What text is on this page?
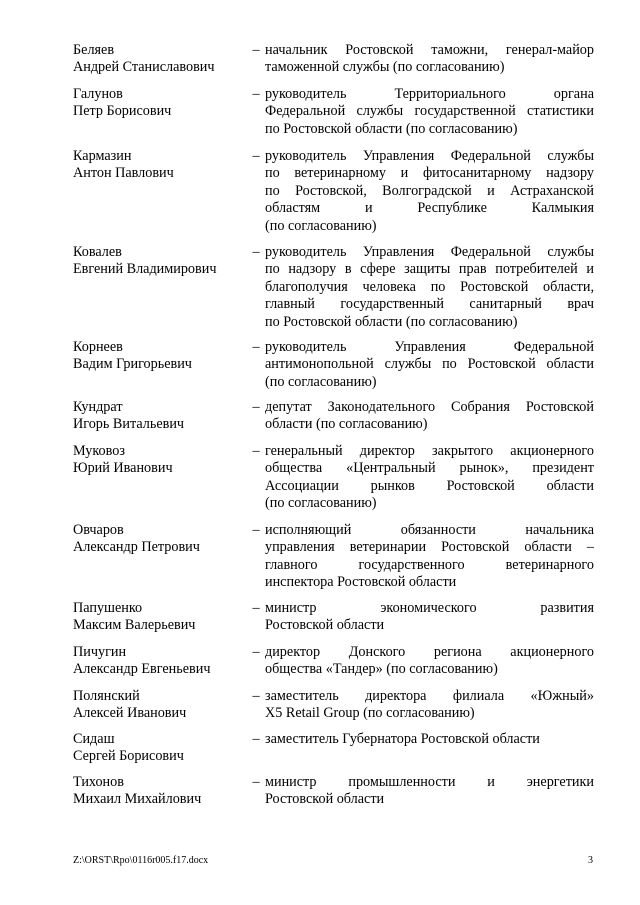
Беляев
Андрей Станиславович
– начальник Ростовской таможни, генерал-майор
таможенной службы (по согласованию)
Галунов
Петр Борисович
– руководитель Территориального органа
Федеральной службы государственной статистики
по Ростовской области (по согласованию)
Кармазин
Антон Павлович
– руководитель Управления Федеральной службы
по ветеринарному и фитосанитарному надзору
по Ростовской, Волгоградской и Астраханской
областям и Республике Калмыкия
(по согласованию)
Ковалев
Евгений Владимирович
– руководитель Управления Федеральной службы
по надзору в сфере защиты прав потребителей и
благополучия человека по Ростовской области,
главный государственный санитарный врач
по Ростовской области (по согласованию)
Корнеев
Вадим Григорьевич
– руководитель Управления Федеральной
антимонопольной службы по Ростовской области
(по согласованию)
Кундрат
Игорь Витальевич
– депутат Законодательного Собрания Ростовской
области (по согласованию)
Муковоз
Юрий Иванович
– генеральный директор закрытого акционерного
общества «Центральный рынок», президент
Ассоциации рынков Ростовской области
(по согласованию)
Овчаров
Александр Петрович
– исполняющий обязанности начальника
управления ветеринарии Ростовской области –
главного государственного ветеринарного
инспектора Ростовской области
Папушенко
Максим Валерьевич
– министр экономического развития
Ростовской области
Пичугин
Александр Евгеньевич
– директор Донского региона акционерного
общества «Тандер» (по согласованию)
Полянский
Алексей Иванович
– заместитель директора филиала «Южный»
X5 Retail Group (по согласованию)
Сидаш
Сергей Борисович
– заместитель Губернатора Ростовской области
Тихонов
Михаил Михайлович
– министр промышленности и энергетики
Ростовской области
Z:\ORST\Rpo\0116r005.f17.docx	3
